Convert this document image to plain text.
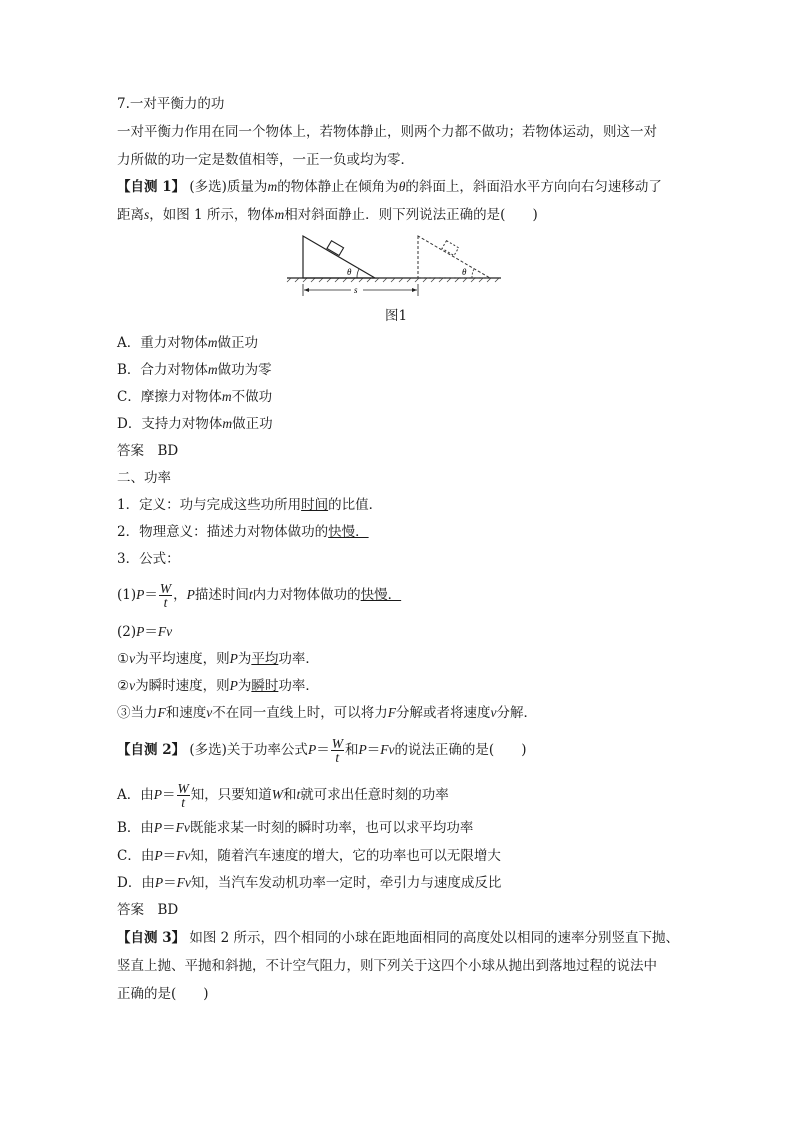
7.一对平衡力的功
一对平衡力作用在同一个物体上，若物体静止，则两个力都不做功；若物体运动，则这一对
力所做的功一定是数值相等，一正一负或均为零．
【自测 1】 (多选)质量为m的物体静止在倾角为θ的斜面上，斜面沿水平方向向右匀速移动了
距离s，如图 1 所示，物体m相对斜面静止．则下列说法正确的是(　　)
θ	θ
s
图1
A．重力对物体m做正功
B．合力对物体m做功为零
C．摩擦力对物体m不做功
D．支持力对物体m做正功
答案　 BD
二、功率
1．定义：功与完成这些功所用时间的比值．
2．物理意义：描述力对物体做功的快慢．
3．公式：
$(1)P= \frac{W}{t}$ ，P描述时间t内力对物体做功的快慢．
(2)P＝Fv
①v为平均速度，则P为平均功率．
②v为瞬时速度，则P为瞬时功率．
③当力F和速度v不在同一直线上时，可以将力F分解或者将速度v分解．
【自测 2】 (多选)关于功率公式$P= \frac{W}{t}$ 和P＝Fv的说法正确的是(　　)
A．由$P= \frac{W}{t}$ 知，只要知道W和t就可求出任意时刻的功率
B．由P＝Fv既能求某一时刻的瞬时功率，也可以求平均功率
C．由P＝Fv知，随着汽车速度的增大，它的功率也可以无限增大
D．由P＝Fv知，当汽车发动机功率一定时，牵引力与速度成反比
答案　 BD
【自测 3】 如图 2 所示，四个相同的小球在距地面相同的高度处以相同的速率分别竖直下抛、
竖直上抛、平抛和斜抛，不计空气阻力，则下列关于这四个小球从抛出到落地过程的说法中
正确的是(　　)
